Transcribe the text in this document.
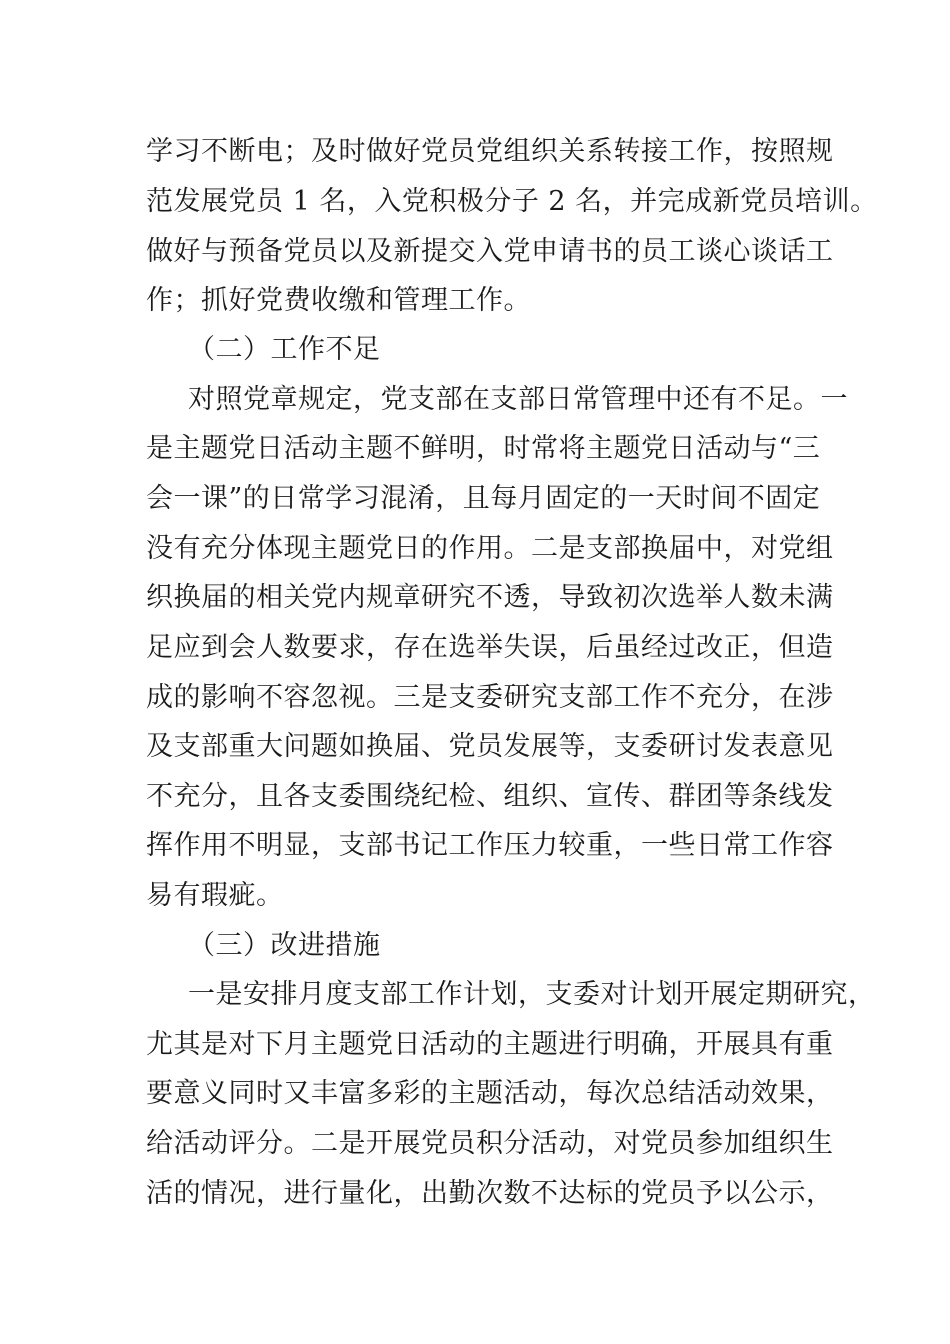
学习不断电；及时做好党员党组织关系转接工作，按照规
范发展党员 1 名，入党积极分子 2 名，并完成新党员培训。
做好与预备党员以及新提交入党申请书的员工谈心谈话工
作；抓好党费收缴和管理工作。
（二）工作不足
对照党章规定，党支部在支部日常管理中还有不足。一
是主题党日活动主题不鲜明，时常将主题党日活动与“三
会一课”的日常学习混淆，且每月固定的一天时间不固定
没有充分体现主题党日的作用。二是支部换届中，对党组
织换届的相关党内规章研究不透，导致初次选举人数未满
足应到会人数要求，存在选举失误，后虽经过改正，但造
成的影响不容忽视。三是支委研究支部工作不充分，在涉
及支部重大问题如换届、党员发展等，支委研讨发表意见
不充分，且各支委围绕纪检、组织、宣传、群团等条线发
挥作用不明显，支部书记工作压力较重，一些日常工作容
易有瑕疵。
（三）改进措施
一是安排月度支部工作计划，支委对计划开展定期研究，
尤其是对下月主题党日活动的主题进行明确，开展具有重
要意义同时又丰富多彩的主题活动，每次总结活动效果，
给活动评分。二是开展党员积分活动，对党员参加组织生
活的情况，进行量化，出勤次数不达标的党员予以公示，
